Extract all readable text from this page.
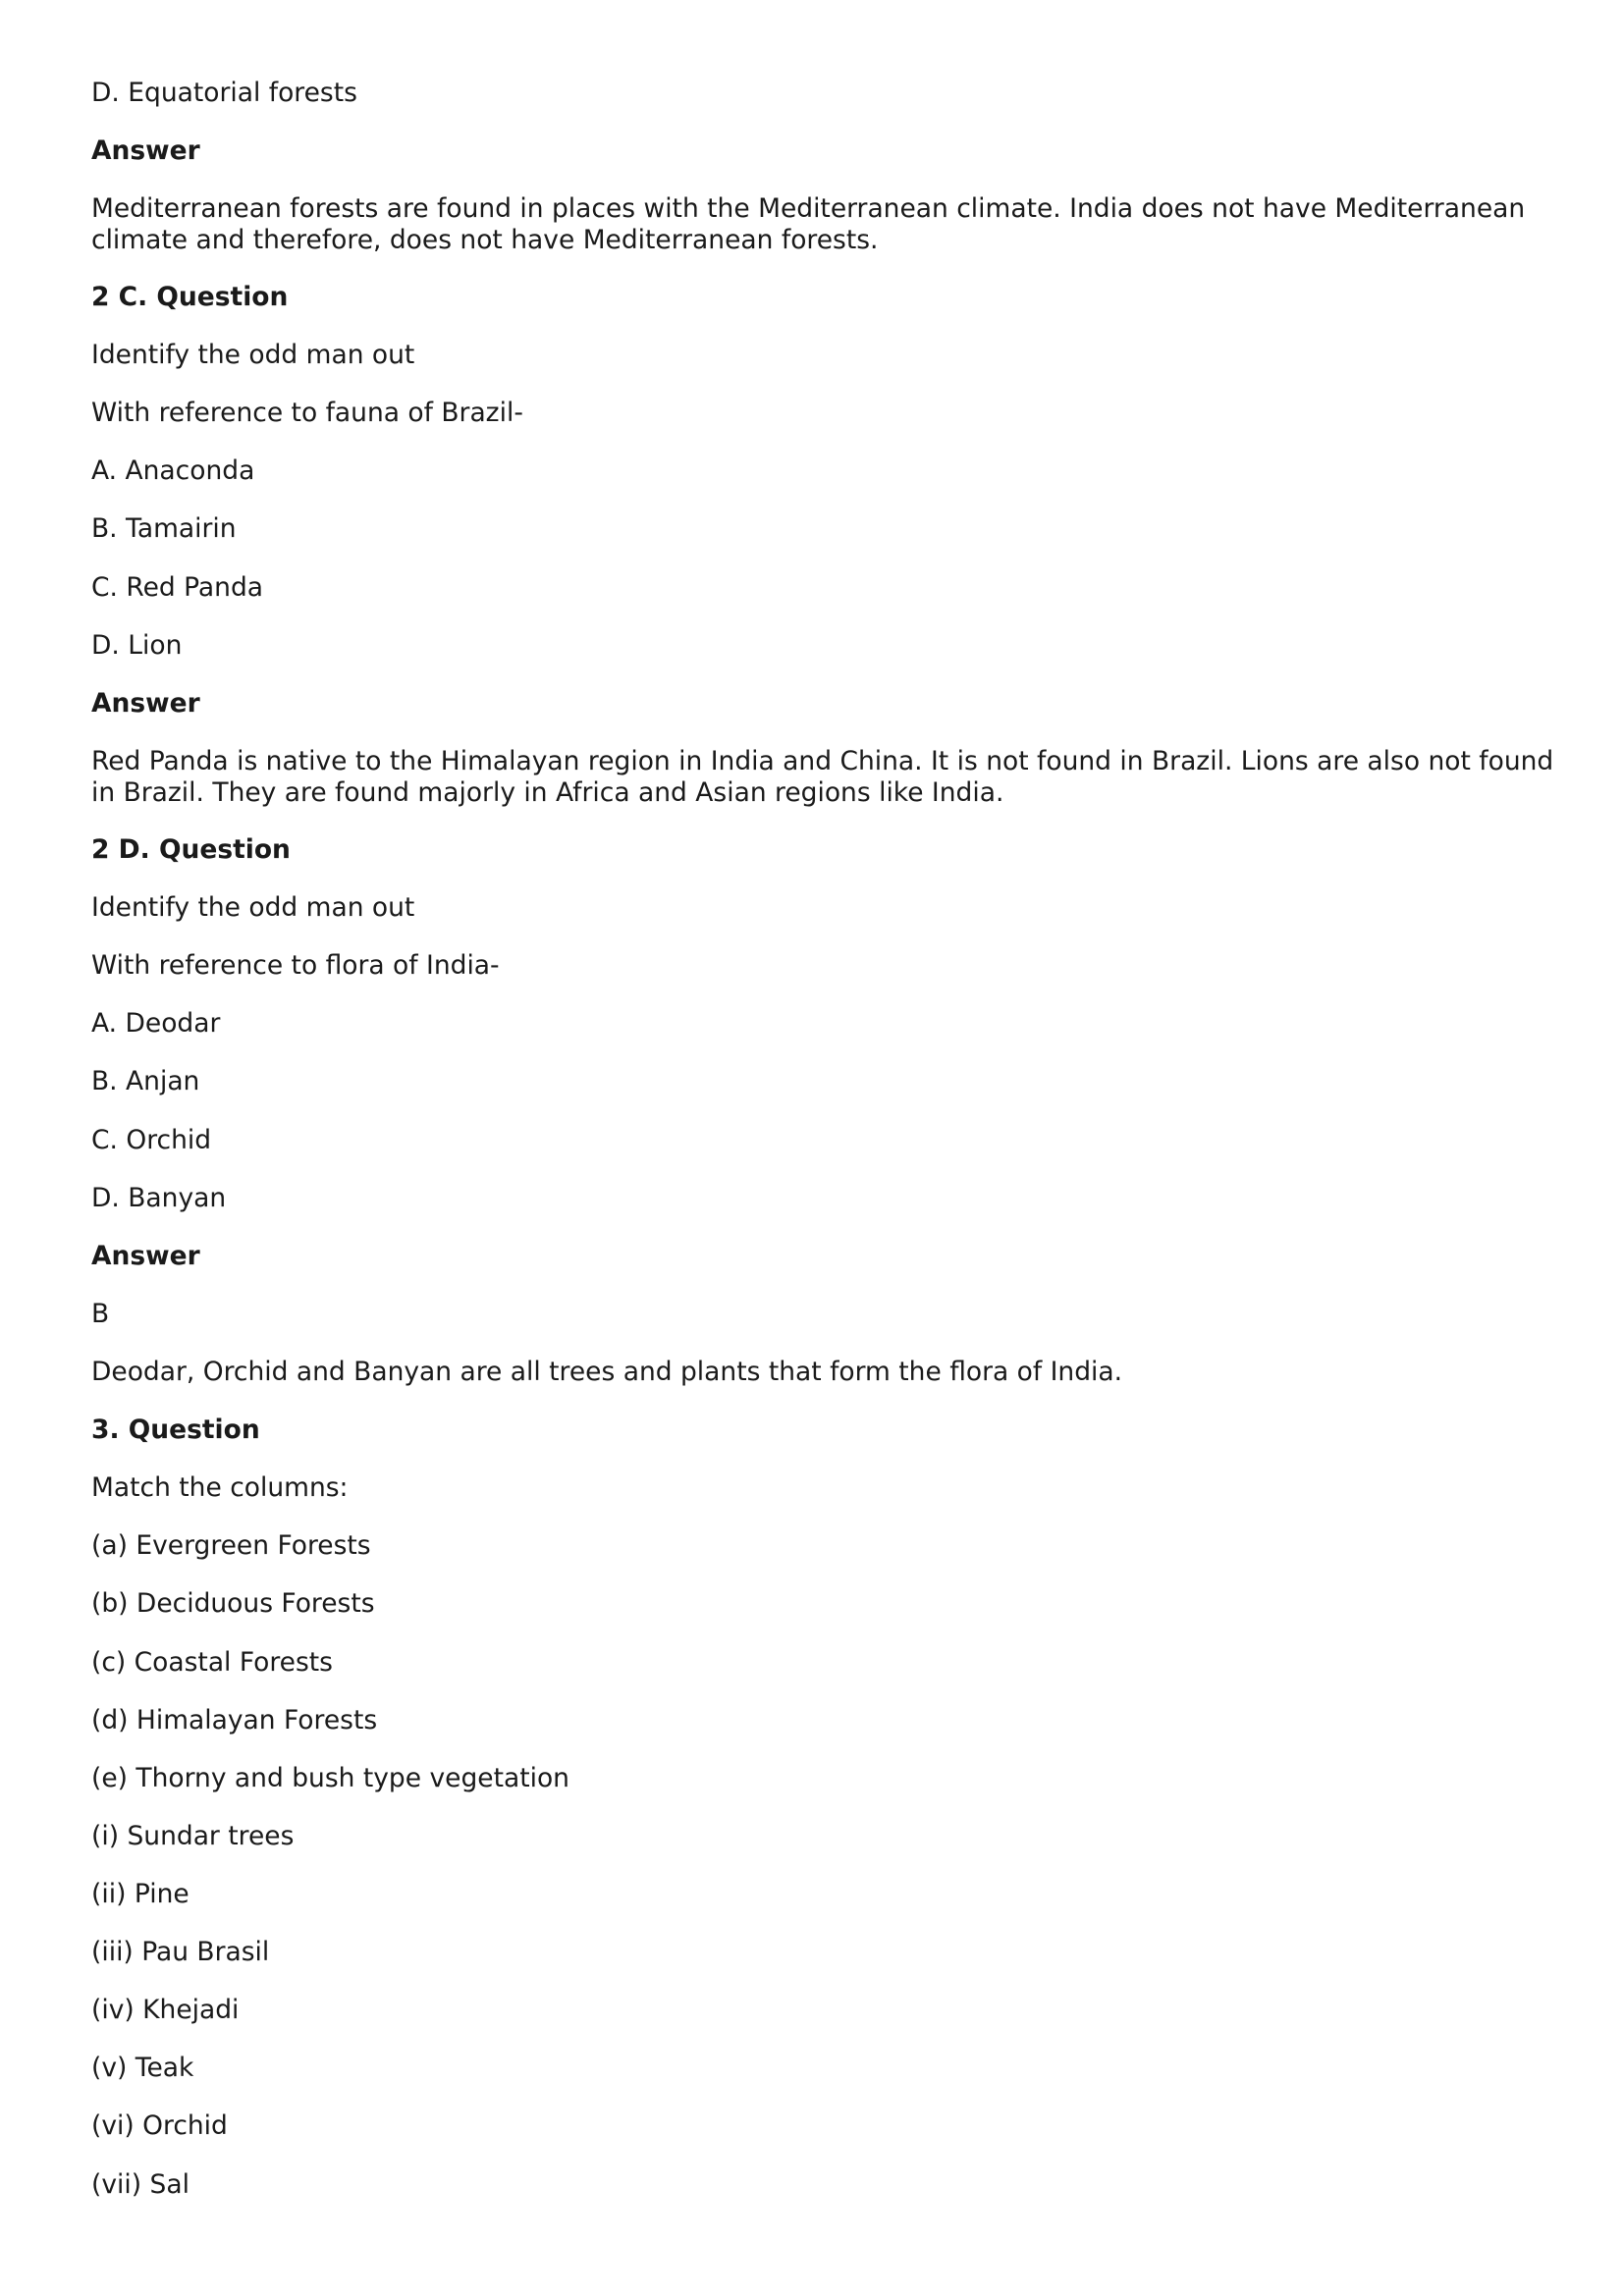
D. Equatorial forests
Answer
Mediterranean forests are found in places with the Mediterranean climate. India does not have Mediterranean climate and therefore, does not have Mediterranean forests.
2 C. Question
Identify the odd man out
With reference to fauna of Brazil-
A. Anaconda
B. Tamairin
C. Red Panda
D. Lion
Answer
Red Panda is native to the Himalayan region in India and China. It is not found in Brazil. Lions are also not found in Brazil. They are found majorly in Africa and Asian regions like India.
2 D. Question
Identify the odd man out
With reference to flora of India-
A. Deodar
B. Anjan
C. Orchid
D. Banyan
Answer
B
Deodar, Orchid and Banyan are all trees and plants that form the flora of India.
3. Question
Match the columns:
(a) Evergreen Forests
(b) Deciduous Forests
(c) Coastal Forests
(d) Himalayan Forests
(e) Thorny and bush type vegetation
(i) Sundar trees
(ii) Pine
(iii) Pau Brasil
(iv) Khejadi
(v) Teak
(vi) Orchid
(vii) Sal
